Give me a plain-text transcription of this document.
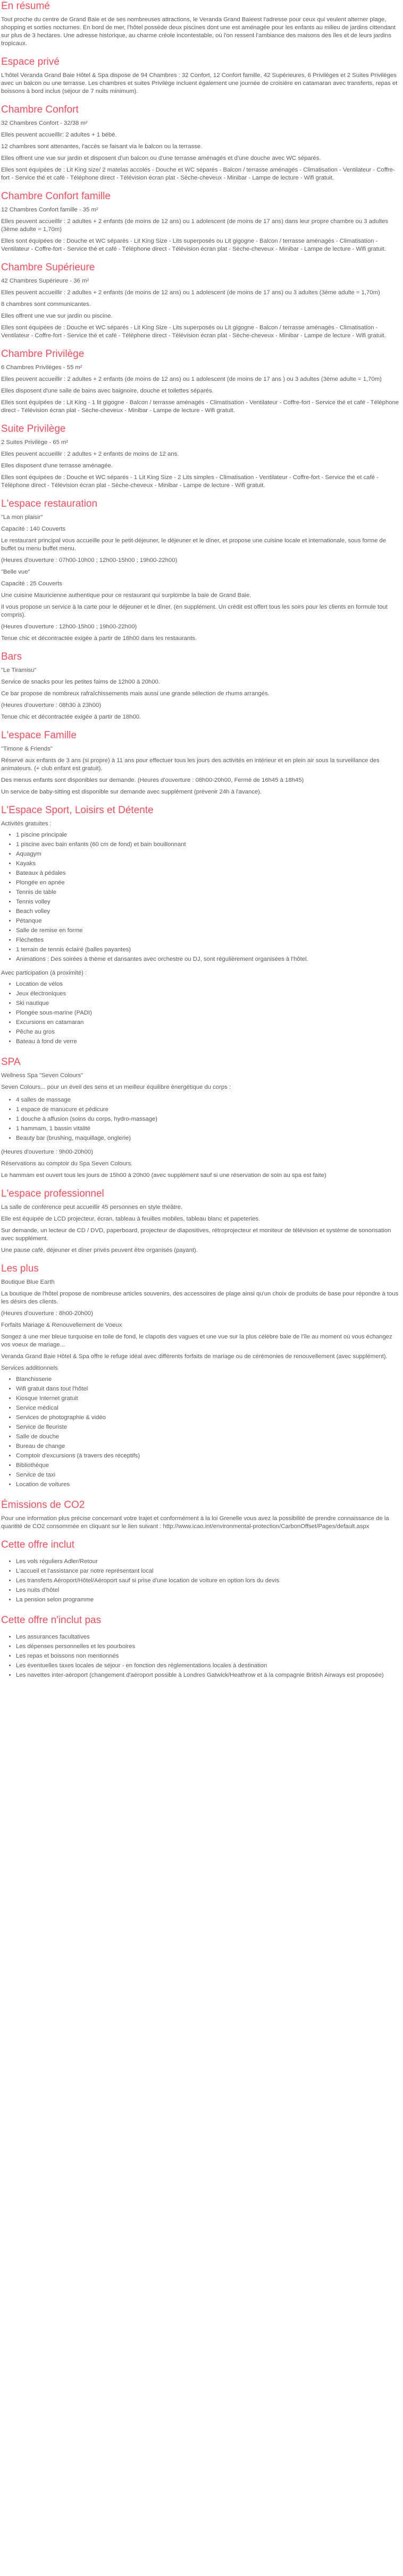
En résumé

Tout proche du centre de Grand Baie et de ses nombreuses attractions, le Veranda Grand Baieest l'adresse pour ceux qui veulent alterner plage, shopping et sorties nocturnes. En bord de mer, l'hôtel possède deux piscines dont une est aménagée pour les enfants au milieu de jardins cittendant sur plus de 3 hectares. Une adresse historique, au charme créole incontestable, où l'on ressent l'ambiance des maisons des îles et de leurs jardins tropicaux.

Espace privé

L'hôtel Veranda Grand Baie Hôtel & Spa dispose de 94 Chambres : 32 Confort, 12 Confort famille, 42 Supérieures, 6 Privilèges et 2 Suites Privilèges avec un balcon ou une terrasse. Les chambres et suites Privilège incluent également une journée de croisière en catamaran avec transferts, repas et boissons à bord inclus (séjour de 7 nuits minimum).

Chambre Confort

32 Chambres Confort - 32/38 m²

Elles peuvent accueillir: 2 adultes + 1 bébé.

12 chambres sont attenantes, l'accès se faisant via le balcon ou la terrasse.

Elles offrent une vue sur jardin et disposent d'un balcon ou d'une terrasse aménagés et d'une douche avec WC séparés.

Elles sont équipées de : Lit King size/ 2 matelas accolés - Douche et WC séparés - Balcon / terrasse aménagés - Climatisation - Ventilateur - Coffre-fort - Service thé et café - Téléphone direct - Télévision écran plat - Sèche-cheveux - Minibar - Lampe de lecture - Wifi gratuit.

Chambre Confort famille

12 Chambres Confort famille - 35 m²

Elles peuvent accueillir : 2 adultes + 2 enfants (de moins de 12 ans) ou 1 adolescent (de moins de 17 ans) dans leur propre chambre ou 3 adultes (3ème adulte = 1,70m)

Elles sont équipées de : Douche et WC séparés - Lit King Size - Lits superposés ou Lit gigogne - Balcon / terrasse aménagés - Climatisation - Ventilateur - Coffre-fort - Service thé et café - Téléphone direct - Télévision écran plat - Sèche-cheveux - Minibar - Lampe de lecture - Wifi gratuit.

Chambre Supérieure

42 Chambres Supérieure - 36 m²

Elles peuvent accueillir : 2 adultes + 2 enfants (de moins de 12 ans) ou 1 adolescent (de moins de 17 ans) ou 3 adultes (3ème adulte = 1,70m)

8 chambres sont communicantes.

Elles offrent une vue sur jardin ou piscine.

Elles sont équipées de : Douche et WC séparés - Lit King Size - Lits superposés ou Lit gigogne - Balcon / terrasse aménagés - Climatisation - Ventilateur - Coffre-fort - Service thé et café - Téléphone direct - Télévision écran plat - Sèche-cheveux - Minibar - Lampe de lecture - Wifi gratuit.

Chambre Privilège

6 Chambres Privilèges - 55 m²

Elles peuvent accueillir : 2 adultes + 2 enfants (de moins de 12 ans) ou 1 adolescent (de moins de 17 ans ) ou 3 adultes (3ème adulte = 1,70m)

Elles disposent d'une salle de bains avec baignoire, douche et toilettes séparés.

Elles sont équipées de : Lit King - 1 lit gigogne - Balcon / terrasse aménagés - Climatisation - Ventilateur - Coffre-fort - Service thé et café - Téléphone direct - Télévision écran plat - Sèche-cheveux - Minibar - Lampe de lecture - Wifi gratuit.

Suite Privilège

2 Suites Privilège - 65 m²

Elles peuvent accueillir : 2 adultes + 2 enfants de moins de 12 ans.

Elles disposent d'une terrasse aménagée.

Elles sont équipées de : Douche et WC séparés - 1 Lit King Size - 2 Lits simples - Climatisation - Ventilateur - Coffre-fort - Service thé et café - Téléphone direct - Télévision écran plat - Sèche-cheveux - Minibar - Lampe de lecture - Wifi gratuit.

L'espace restauration

"La mon plaisir"

Capacité : 140 Couverts

Le restaurant principal vous accueille pour le petit-déjeuner, le déjeuner et le dîner, et propose une cuisine locale et internationale, sous forme de buffet ou menu buffet menu.

(Heures d'ouverture : 07h00-10h00 ; 12h00-15h00 ; 19h00-22h00)

"Belle vue"

Capacité : 25 Couverts

Une cuisine Mauricienne authentique pour ce restaurant qui surplombe la baie de Grand Baie.

Il vous propose un service à la carte pour le déjeuner et le dîner, (en supplément. Un crédit est offert tous les soirs pour les clients en formule tout compris).

(Heures d'ouverture : 12h00-15h00 ; 19h00-22h00)

Tenue chic et décontractée exigée à partir de 18h00 dans les restaurants.

Bars

"Le Tiramisu"

Service de snacks pour les petites faims de 12h00 à 20h00.

Ce bar propose de nombreux rafraîchissements mais aussi une grande sélection de rhums arrangés.

(Heures d'ouverture : 08h30 à 23h00)

Tenue chic et décontractée exigée à partir de 18h00.

L'espace Famille

"Timone & Friends"

Réservé aux enfants de 3 ans (si propre) à 11 ans pour effectuer tous les jours des activités en intérieur et en plein air sous la surveillance des animateurs. (+ club enfant est gratuit).

Des menus enfants sont disponibles sur demande. (Heures d'ouverture : 08h00-20h00, Fermé de 16h45 à 18h45)

Un service de baby-sitting est disponible sur demande avec supplément (prévenir 24h à l'avance).

L'Espace Sport, Loisirs et Détente

Activités gratuites :

• 1 piscine principale
• 1 piscine avec bain enfants (60 cm de fond) et bain bouillonnant
• Aquagym
• Kayaks
• Bateaux à pédales
• Plongée en apnée
• Tennis de table
• Tennis volley
• Beach volley
• Pétanque
• Salle de remise en forme
• Fléchettes
• 1 terrain de tennis éclairé (balles payantes)
• Animations : Des soirées à thème et dansantes avec orchestre ou DJ, sont régulièrement organisées à l'hôtel.

Avec participation (à proximité) :

• Location de vélos
• Jeux électroniques
• Ski nautique
• Plongée sous-marine (PADI)
• Excursions en catamaran
• Pêche au gros
• Bateau à fond de verre
SPA

Wellness Spa "Seven Colours"

Seven Colours... pour un éveil des sens et un meilleur équilibre énergétique du corps :

• 4 salles de massage
• 1 espace de manucure et pédicure
• 1 douche à affusion (soins du corps, hydro-massage)
• 1 hammam, 1 bassin vitalité
• Beauty bar (brushing, maquillage, onglerie)

(Heures d'ouverture : 9h00-20h00)

Réservations au comptoir du Spa Seven Colours.

Le hammam est ouvert tous les jours de 15h00 à 20h00 (avec supplément sauf si une réservation de soin au spa est faite)

L'espace professionnel

La salle de conférence peut accueillir 45 personnes en style théâtre.

Elle est équipée de LCD projecteur, écran, tableau à feuilles mobiles, tableau blanc et papeteries.

Sur demande, un lecteur de CD / DVD, paperboard, projecteur de diapositives, rétroprojecteur et moniteur de télévision et système de sonorisation avec supplément.

Une pause café, déjeuner et dîner privés peuvent être organisés (payant).

Les plus

Boutique Blue Earth

La boutique de l'hôtel propose de nombreuse articles souvenirs, des accessoires de plage ainsi qu'un choix de produits de base pour répondre à tous les désirs des clients.

(Heures d'ouverture : 8h00-20h00)

Forfaits Mariage & Renouvellement de Voeux

Songez à une mer bleue turquoise en toile de fond, le clapotis des vagues et une vue sur la plus célèbre baie de l'île au moment où vous échangez vos voeux de mariage...

Veranda Grand Baie Hôtel & Spa offre le refuge idéal avec différents forfaits de mariage ou de cérémonies de renouvellement (avec supplément).

Services additionnels

• Blanchisserie
• Wifi gratuit dans tout l'hôtel
• Kiosque Internet gratuit
• Service médical
• Services de photographie & vidéo
• Service de fleuriste
• Salle de douche
• Bureau de change
• Comptoir d'excursions (à travers des réceptifs)
• Bibliothèque
• Service de taxi
• Location de voitures
Émissions de CO2

Pour une information plus précise concernant votre trajet et conformément à la loi Grenelle vous avez la possibilité de prendre connaissance de la quantité de CO2 consommée en cliquant sur le lien suivant : http://www.icao.int/environmental-protection/CarbonOffset/Pages/default.aspx

Cette offre inclut
• Les vols réguliers Adler/Retour
• L'accueil et l'assistance par notre représentant local
• Les transferts Aéroport/Hôtel/Aéroport sauf si prise d'une location de voiture en option lors du devis
• Les nuits d'hôtel
• La pension selon programme
Cette offre n'inclut pas
• Les assurances facultatives
• Les dépenses personnelles et les pourboires
• Les repas et boissons non mentionnés
• Les éventuelles taxes locales de séjour - en fonction des réglementations locales à destination
• Les navettes inter-aéroport (changement d'aéroport possible à Londres Gatwick/Heathrow et à la compagnie British Airways est proposée)
